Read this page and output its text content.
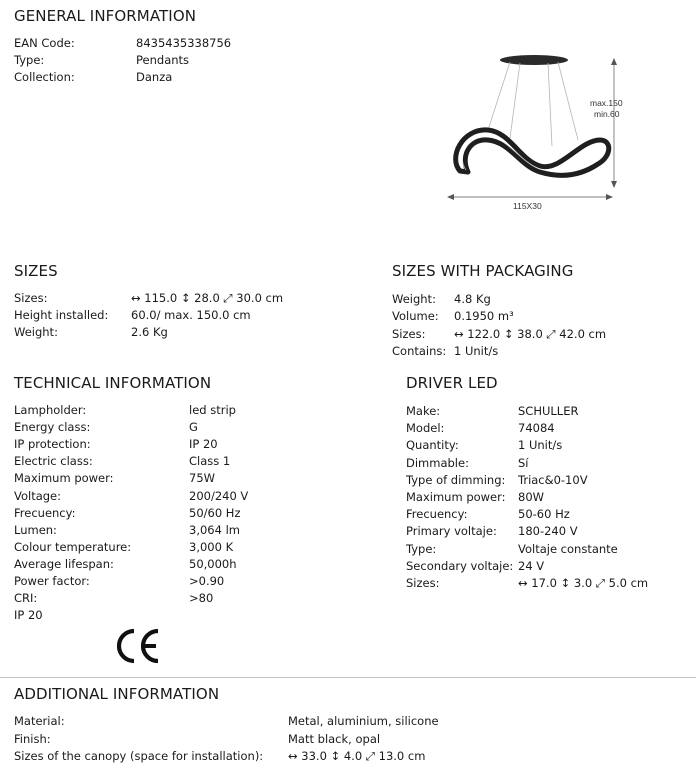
GENERAL INFORMATION
EAN Code:	8435435338756
Type:	Pendants
Collection:	Danza
max.150
min.60
115X30
SIZES
Sizes:	↔ 115.0 ↕ 28.0 ⤢ 30.0 cm
Height installed: 60.0/ max. 150.0 cm
Weight:	2.6 Kg
SIZES WITH PACKAGING
Weight: 4.8 Kg
Volume: 0.1950 m³
Sizes: ↔ 122.0 ↕ 38.0 ⤢ 42.0 cm
Contains: 1 Unit/s
TECHNICAL INFORMATION
Lampholder:	led strip
Energy class:	G
IP protection:	IP 20
Electric class:	Class 1
Maximum power:	75W
Voltage:	200/240 V
Frecuency:	50/60 Hz
Lumen:	3,064 lm
Colour temperature:	3,000 K
Average lifespan:	50,000h
Power factor:	>0.90
CRI:	>80
IP 20
DRIVER LED
Make:	SCHULLER
Model:	74084
Quantity:	1 Unit/s
Dimmable:	Sí
Type of dimming: Triac&0-10V
Maximum power: 80W
Frecuency:	50-60 Hz
Primary voltaje: 180-240 V
Type:	Voltaje constante
Secondary voltaje: 24 V
Sizes:	↔ 17.0 ↕ 3.0 ⤢ 5.0 cm
ADDITIONAL INFORMATION
Material:	Metal, aluminium, silicone
Finish:	Matt black, opal
Sizes of the canopy (space for installation): ↔ 33.0 ↕ 4.0 ⤢ 13.0 cm
